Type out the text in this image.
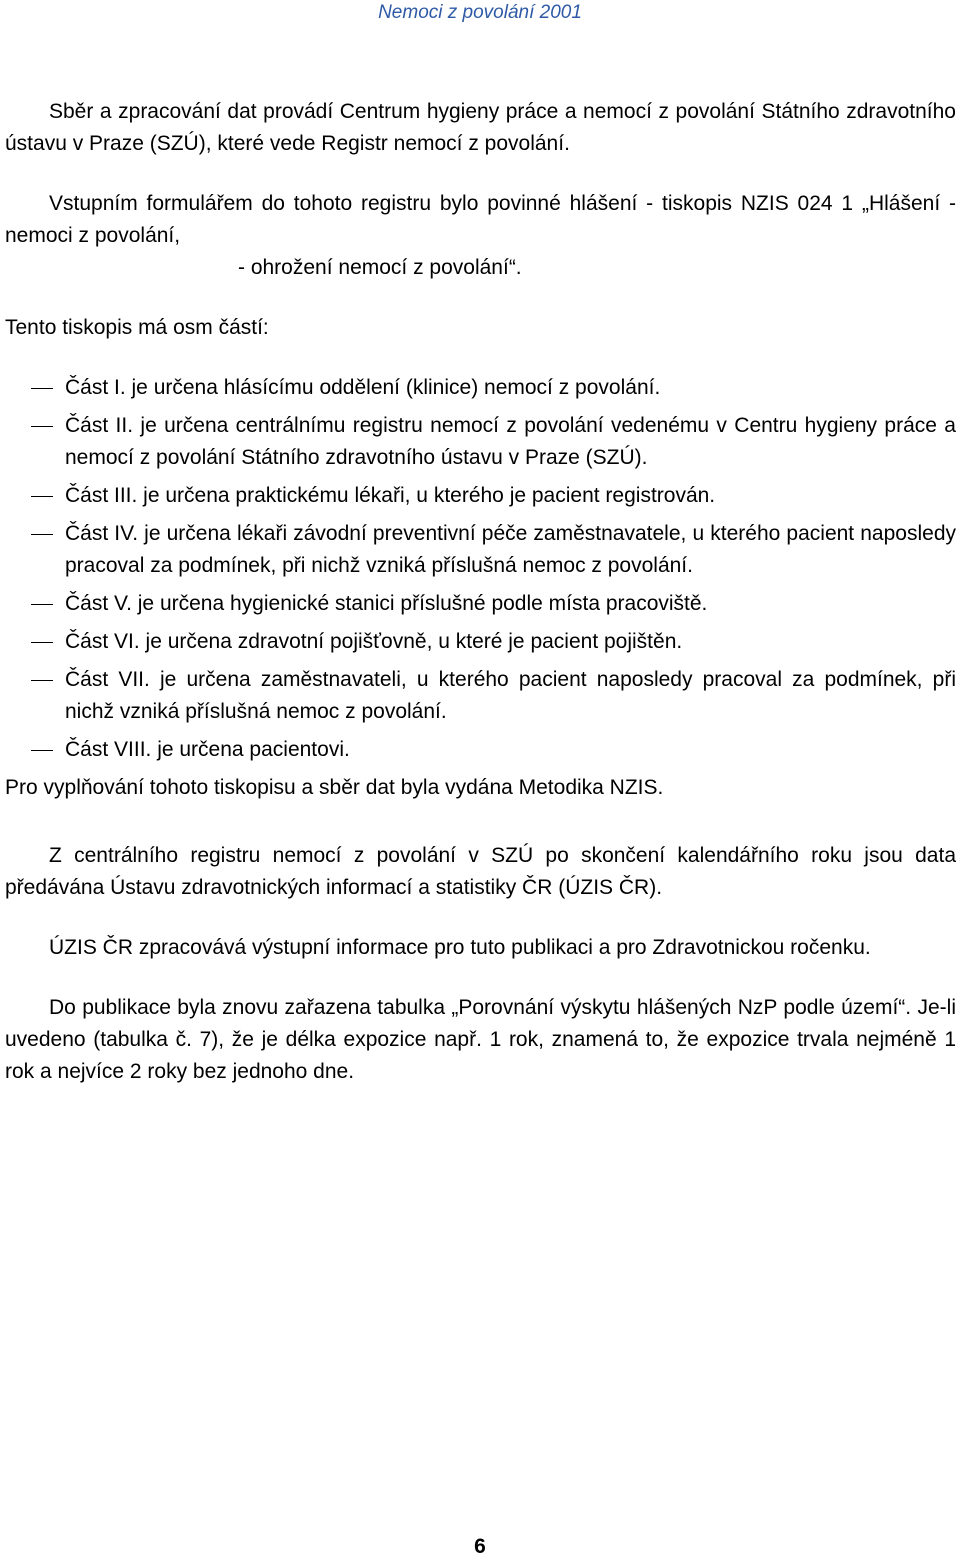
Nemoci z povolání 2001

Sběr a zpracování dat provádí Centrum hygieny práce a nemocí z povolání Státního zdravotního ústavu v Praze (SZÚ), které vede Registr nemocí z povolání.

Vstupním formulářem do tohoto registru bylo povinné hlášení - tiskopis NZIS 024 1 „Hlášení - nemoci z povolání,

- ohrožení nemocí z povolání“.

Tento tiskopis má osm částí:

Část I. je určena hlásícímu oddělení (klinice) nemocí z povolání.
Část II. je určena centrálnímu registru nemocí z povolání vedenému v Centru hygieny práce a nemocí z povolání Státního zdravotního ústavu v Praze (SZÚ).
Část III. je určena praktickému lékaři, u kterého je pacient registrován.
Část IV. je určena lékaři závodní preventivní péče zaměstnavatele, u kterého pacient naposledy pracoval za podmínek, při nichž vzniká příslušná nemoc z povolání.
Část V. je určena hygienické stanici příslušné podle místa pracoviště.
Část VI. je určena zdravotní pojišťovně, u které je pacient pojištěn.
Část VII. je určena zaměstnavateli, u kterého pacient naposledy pracoval za podmínek, při nichž vzniká příslušná nemoc z povolání.
Část VIII. je určena pacientovi.

Pro vyplňování tohoto tiskopisu a sběr dat byla vydána Metodika NZIS.

Z centrálního registru nemocí z povolání v SZÚ po skončení kalendářního roku jsou data předávána Ústavu zdravotnických informací a statistiky ČR (ÚZIS ČR).

ÚZIS ČR zpracovává výstupní informace pro tuto publikaci a pro Zdravotnickou ročenku.

Do publikace byla znovu zařazena tabulka „Porovnání výskytu hlášených NzP podle území“. Je-li uvedeno (tabulka č. 7), že je délka expozice např. 1 rok, znamená to, že expozice trvala nejméně 1 rok a nejvíce 2 roky bez jednoho dne.

6
